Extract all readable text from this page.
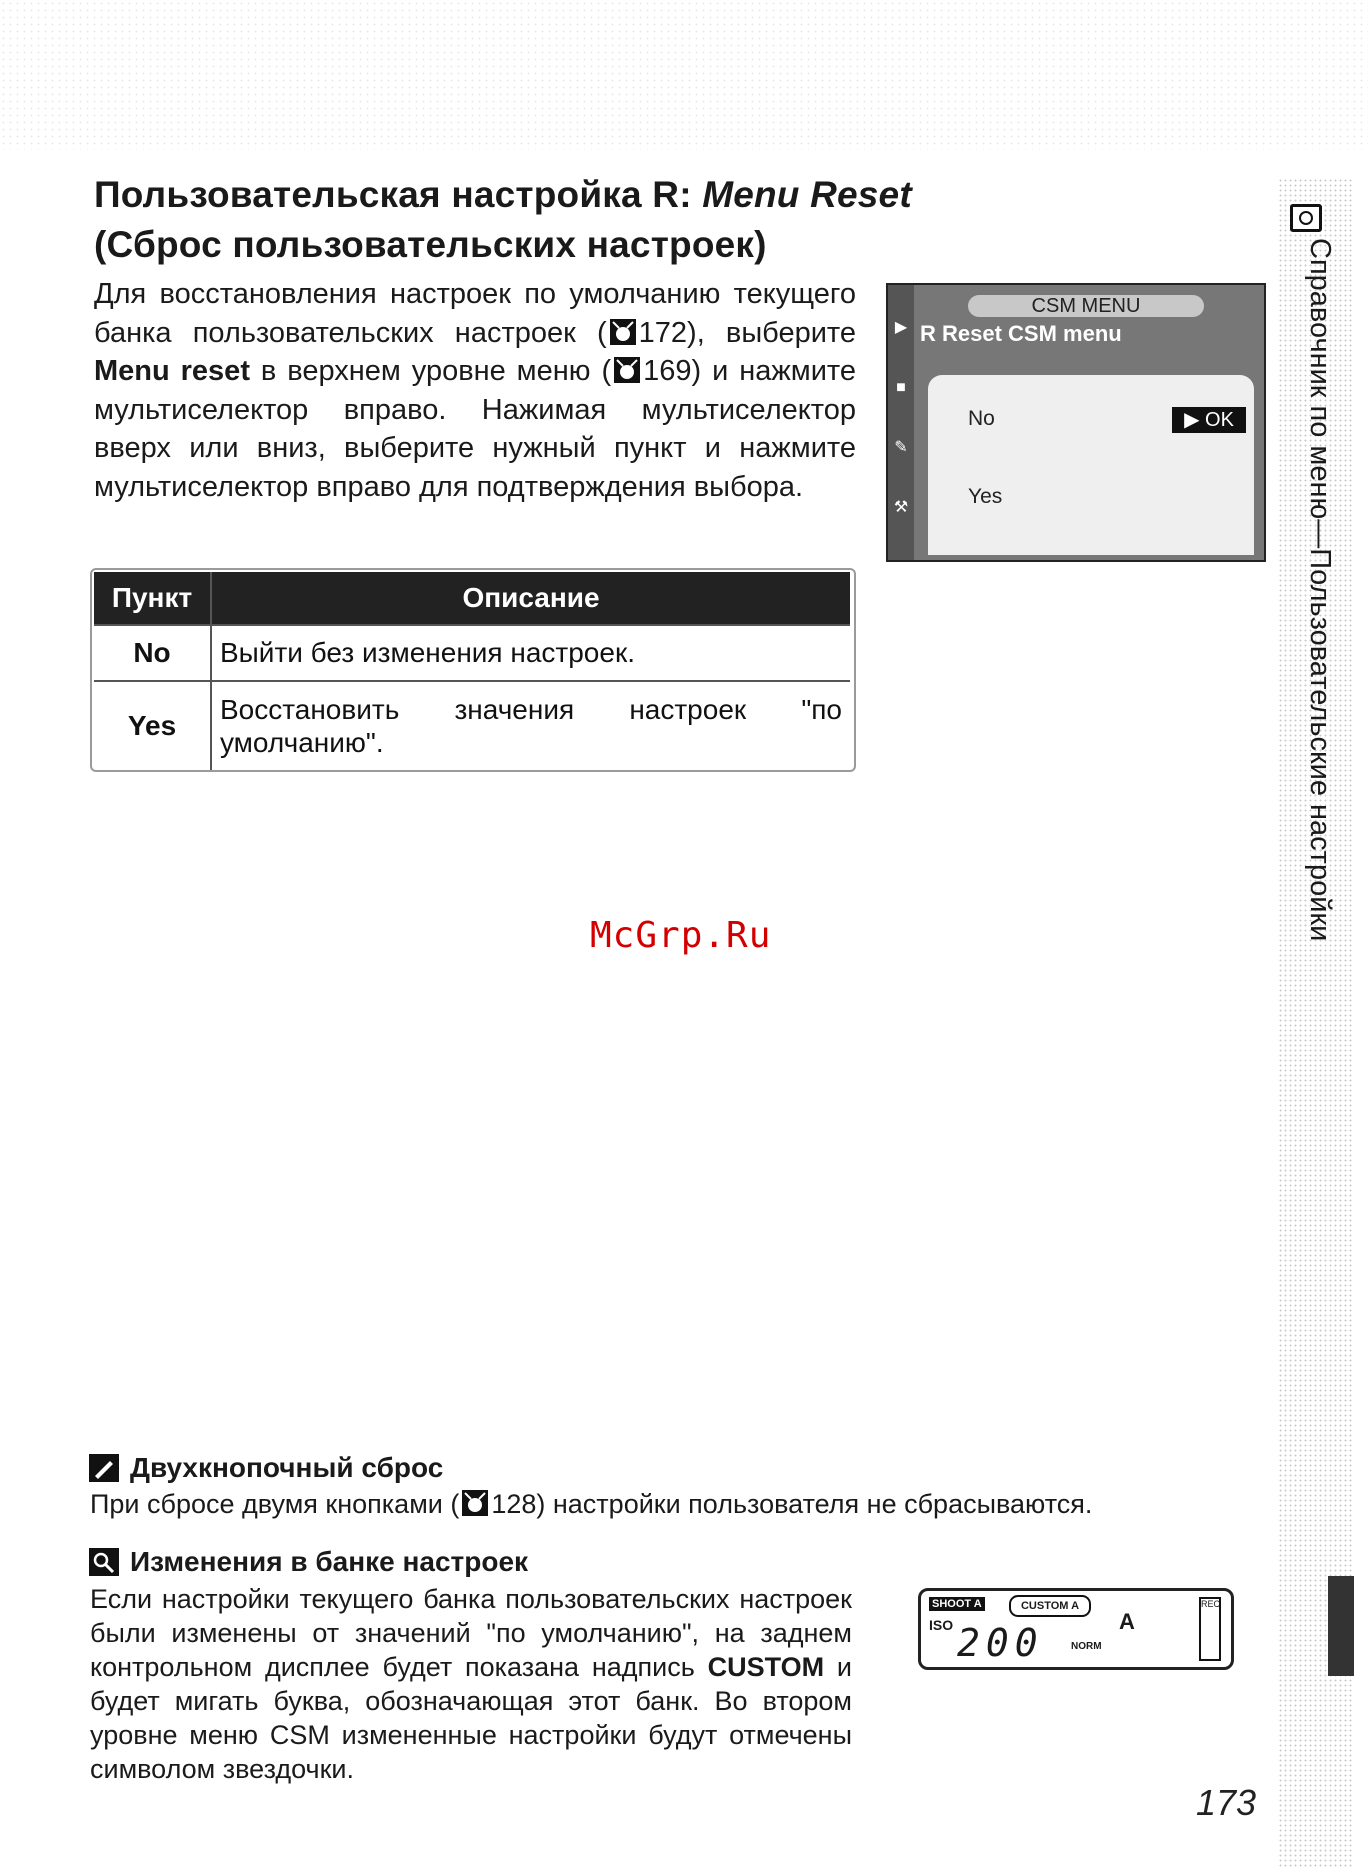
Пользовательская настройка R: Menu Reset
(Сброс пользовательских настроек)
Для восстановления настроек по умолчанию текущего банка пользовательских настроек ( 172), выберите Menu reset в верхнем уровне меню ( 169) и нажмите мультиселектор вправо. Нажимая мультиселектор вверх или вниз, выберите нужный пункт и нажмите мультиселектор вправо для подтверждения выбора.
▶
■
✎
⚒
CSM MENU
R Reset CSM menu
No	▶ OK
Yes
Пункт	Описание
No	Выйти без изменения настроек.
Yes	Восстановить значения настроек "по умолчанию".
McGrp.Ru	Справочник по меню—Пользовательские настройки
Двухкнопочный сброс
При сбросе двумя кнопками ( 128) настройки пользователя не сбрасываются.
Изменения в банке настроек
Если настройки текущего банка пользовательских настроек были изменены от значений "по умолчанию", на заднем контрольном дисплее будет показана надпись CUSTOM и будет мигать буква, обозначающая этот банк. Во втором уровне меню CSM измененные настройки будут отмечены символом звездочки.
SHOOT A	CUSTOM A
ISO 200	A
NORM
REC
173
